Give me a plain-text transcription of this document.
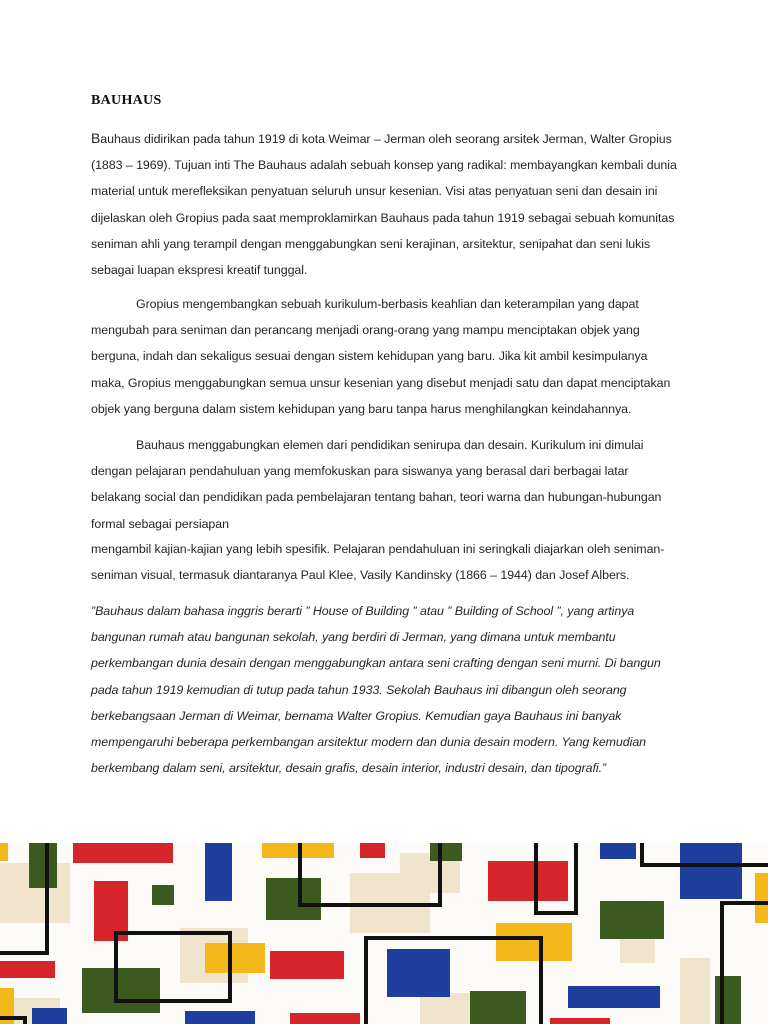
BAUHAUS

Bauhaus didirikan pada tahun 1919 di kota Weimar – Jerman oleh seorang arsitek Jerman, Walter Gropius (1883 – 1969). Tujuan inti The Bauhaus adalah sebuah konsep yang radikal: membayangkan kembali dunia material untuk merefleksikan penyatuan seluruh unsur kesenian. Visi atas penyatuan seni dan desain ini dijelaskan oleh Gropius pada saat memproklamirkan Bauhaus pada tahun 1919 sebagai sebuah komunitas seniman ahli yang terampil dengan menggabungkan seni kerajinan, arsitektur, senipahat dan seni lukis sebagai luapan ekspresi kreatif tunggal.

Gropius mengembangkan sebuah kurikulum-berbasis keahlian dan keterampilan yang dapat mengubah para seniman dan perancang menjadi orang-orang yang mampu menciptakan objek yang berguna, indah dan sekaligus sesuai dengan sistem kehidupan yang baru. Jika kit ambil kesimpulanya maka, Gropius menggabungkan semua unsur kesenian yang disebut menjadi satu dan dapat menciptakan objek yang berguna dalam sistem kehidupan yang baru tanpa harus menghilangkan keindahannya.

Bauhaus menggabungkan elemen dari pendidikan senirupa dan desain. Kurikulum ini dimulai dengan pelajaran pendahuluan yang memfokuskan para siswanya yang berasal dari berbagai latar belakang social dan pendidikan pada pembelajaran tentang bahan, teori warna dan hubungan-hubungan formal sebagai persiapan

mengambil kajian-kajian yang lebih spesifik. Pelajaran pendahuluan ini seringkali diajarkan oleh seniman-seniman visual, termasuk diantaranya Paul Klee, Vasily Kandinsky (1866 – 1944) dan Josef Albers.

”Bauhaus dalam bahasa inggris berarti ” House of Building ” atau ” Building of School ”, yang artinya bangunan rumah atau bangunan sekolah, yang berdiri di Jerman, yang dimana untuk membantu perkembangan dunia desain dengan menggabungkan antara seni crafting dengan seni murni. Di bangun pada tahun 1919 kemudian di tutup pada tahun 1933. Sekolah Bauhaus ini dibangun oleh seorang berkebangsaan Jerman di Weimar, bernama Walter Gropius. Kemudian gaya Bauhaus ini banyak mempengaruhi beberapa perkembangan arsitektur modern dan dunia desain modern. Yang kemudian berkembang dalam seni, arsitektur, desain grafis, desain interior, industri desain, dan tipografi.”
